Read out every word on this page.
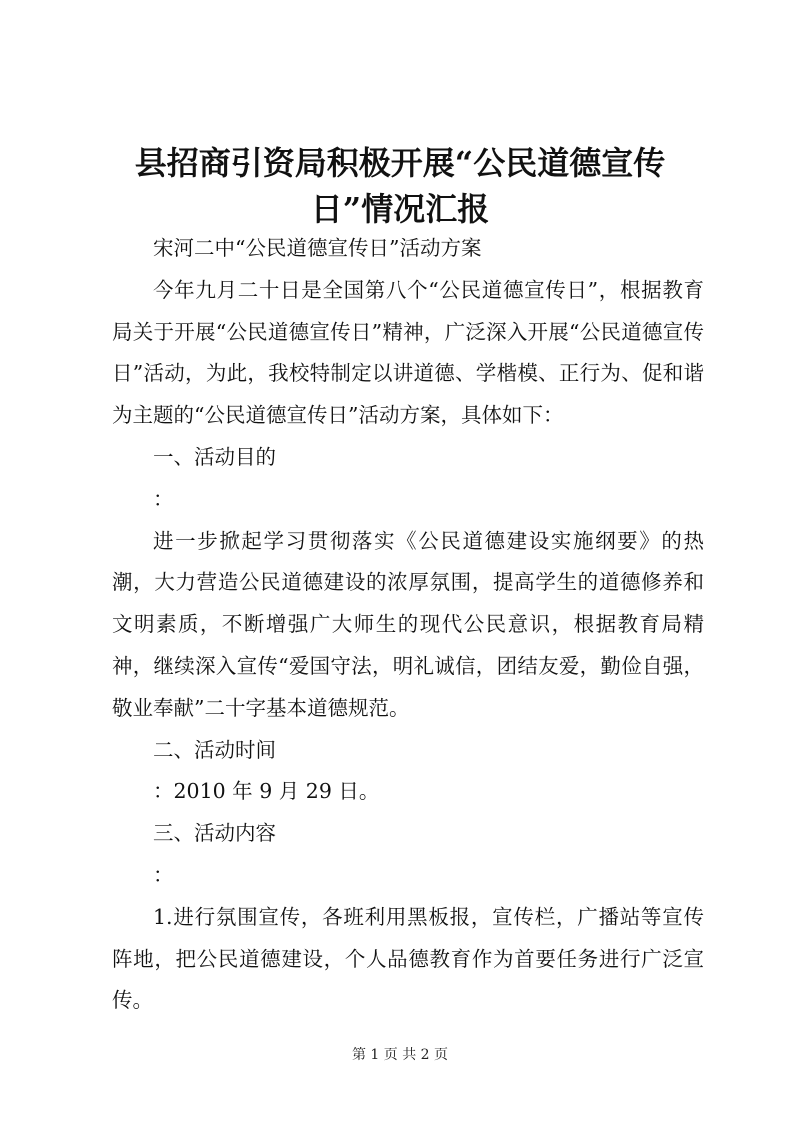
县招商引资局积极开展“公民道德宣传日”情况汇报

宋河二中“公民道德宣传日”活动方案

今年九月二十日是全国第八个“公民道德宣传日”，根据教育局关于开展“公民道德宣传日”精神，广泛深入开展“公民道德宣传日”活动，为此，我校特制定以讲道德、学楷模、正行为、促和谐为主题的“公民道德宣传日”活动方案，具体如下：

一、活动目的

：

进一步掀起学习贯彻落实《公民道德建设实施纲要》的热潮，大力营造公民道德建设的浓厚氛围，提高学生的道德修养和文明素质，不断增强广大师生的现代公民意识，根据教育局精神，继续深入宣传“爱国守法，明礼诚信，团结友爱，勤俭自强，敬业奉献”二十字基本道德规范。

二、活动时间

：2010 年 9 月 29 日。

三、活动内容

：

1.进行氛围宣传，各班利用黑板报，宣传栏，广播站等宣传阵地，把公民道德建设，个人品德教育作为首要任务进行广泛宣传。

第 1 页 共 2 页
